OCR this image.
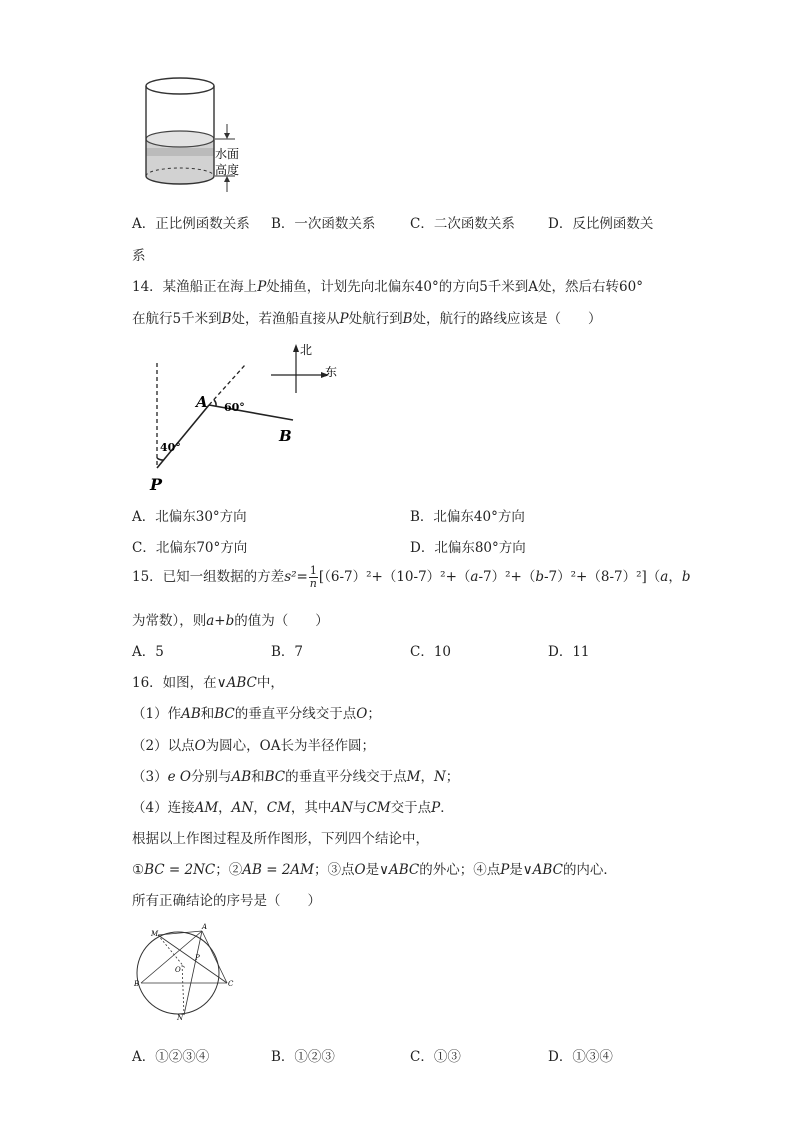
水面
高度
A．正比例函数关系 B．一次函数关系	C．二次函数关系 D．反比例函数关
系
14．某渔船正在海上P处捕鱼，计划先向北偏东40°的方向5千米到A处，然后右转60°
在航行5千米到B处，若渔船直接从P处航行到B处，航行的路线应该是（　　）
A 60°
B
40°
P
北
东
A．北偏东30°方向	B．北偏东40°方向
C．北偏东70°方向	D．北偏东80°方向
15．已知一组数据的方差$s^2= \frac{1}{n} [(6-7)^2+(10-7)^2+(a-7)^2+(b-7)^2+(8-7)^2](a$，b
为常数），则a+b的值为（　　）
A．5	B．7	C．10	D．11
16．如图，在∨ABC中，
（1）作AB和BC的垂直平分线交于点O；
（2）以点O为圆心，OA长为半径作圆；
（3）e O分别与AB和BC的垂直平分线交于点M，N；
（4）连接AM，AN，CM，其中AN与CM交于点P．
根据以上作图过程及所作图形，下列四个结论中，
①BC = 2NC；②AB = 2AM；③点O是∨ABC的外心；④点P是∨ABC的内心．
所有正确结论的序号是（　　）
M
A
P
O
B	C
N
A．①②③④	B．①②③	C．①③	D．①③④
